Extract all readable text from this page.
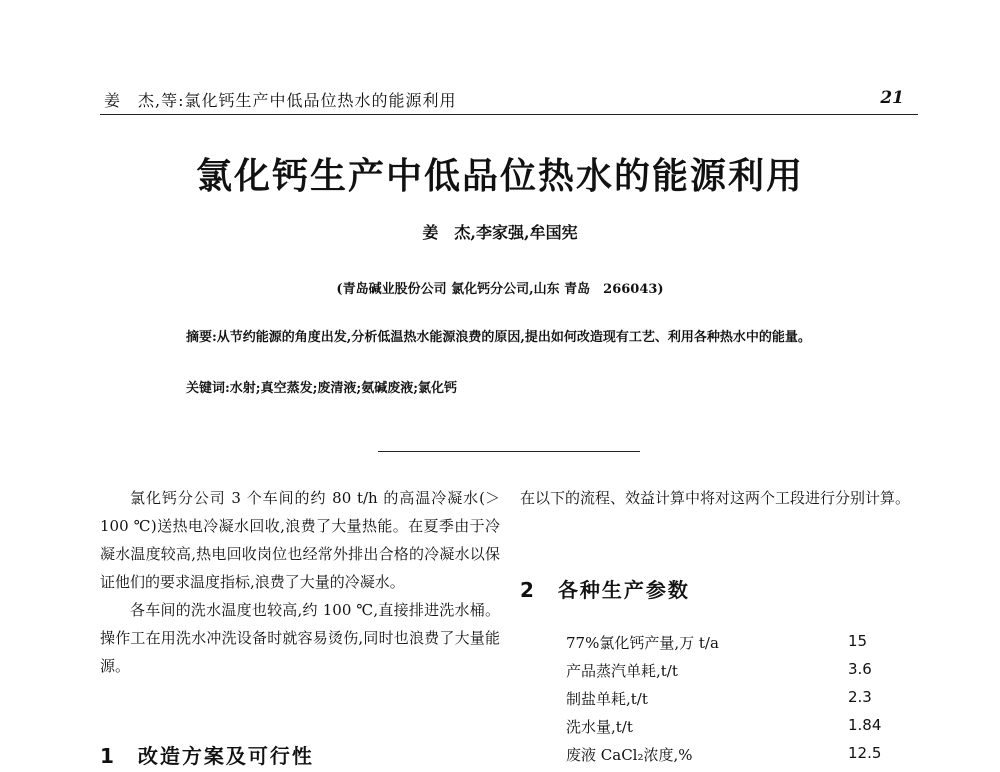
姜　杰,等:氯化钙生产中低品位热水的能源利用	21
氯化钙生产中低品位热水的能源利用
姜　杰,李家强,牟国宪
(青岛碱业股份公司 氯化钙分公司,山东 青岛　266043)
摘要:从节约能源的角度出发,分析低温热水能源浪费的原因,提出如何改造现有工艺、利用各种热水中的能量。
关键词:水射;真空蒸发;废清液;氨碱废液;氯化钙

氯化钙分公司 3 个车间的约 80 t/h 的高温冷凝水(＞100 ℃)送热电冷凝水回收,浪费了大量热能。在夏季由于冷凝水温度较高,热电回收岗位也经常外排出合格的冷凝水以保证他们的要求温度指标,浪费了大量的冷凝水。

各车间的洗水温度也较高,约 100 ℃,直接排进洗水桶。操作工在用洗水冲洗设备时就容易烫伤,同时也浪费了大量能源。

1　改造方案及可行性

在以下的流程、效益计算中将对这两个工段进行分别计算。

2　各种生产参数
77%氯化钙产量,万 t/a	15
产品蒸汽单耗,t/t	3.6
制盐单耗,t/t	2.3
洗水量,t/t	1.84
废液 CaCl₂浓度,%	12.5
